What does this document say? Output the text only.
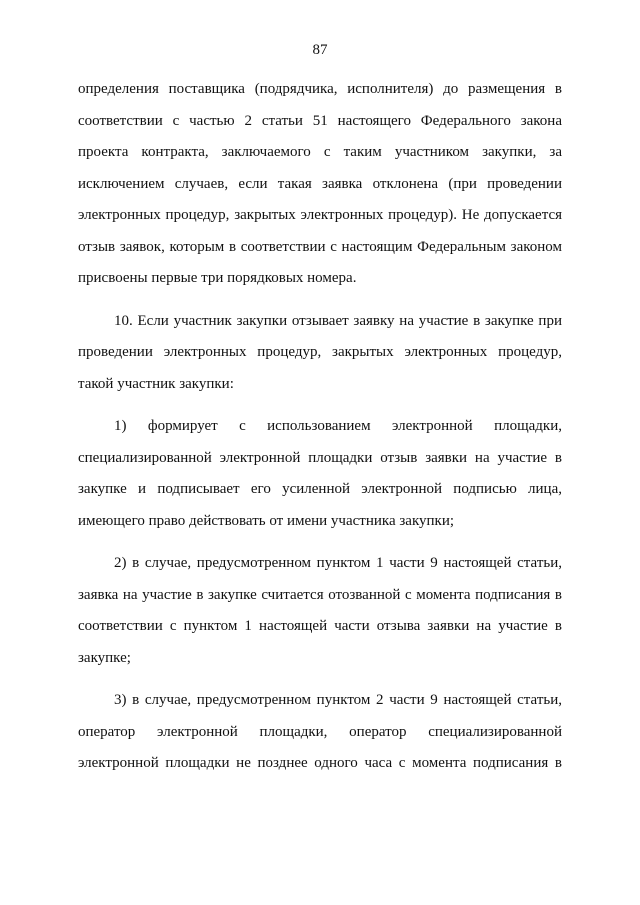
87
определения поставщика (подрядчика, исполнителя) до размещения в
соответствии с частью 2 статьи 51 настоящего Федерального закона
проекта контракта, заключаемого с таким участником закупки, за
исключением случаев, если такая заявка отклонена (при проведении
электронных процедур, закрытых электронных процедур). Не допускается
отзыв заявок, которым в соответствии с настоящим Федеральным законом
присвоены первые три порядковых номера.
10. Если участник закупки отзывает заявку на участие в закупке при
проведении электронных процедур, закрытых электронных процедур,
такой участник закупки:
1) формирует с использованием электронной площадки,
специализированной электронной площадки отзыв заявки на участие в
закупке и подписывает его усиленной электронной подписью лица,
имеющего право действовать от имени участника закупки;
2) в случае, предусмотренном пунктом 1 части 9 настоящей статьи,
заявка на участие в закупке считается отозванной с момента подписания в
соответствии с пунктом 1 настоящей части отзыва заявки на участие в
закупке;
3) в случае, предусмотренном пунктом 2 части 9 настоящей статьи,
оператор электронной площадки, оператор специализированной
электронной площадки не позднее одного часа с момента подписания в
